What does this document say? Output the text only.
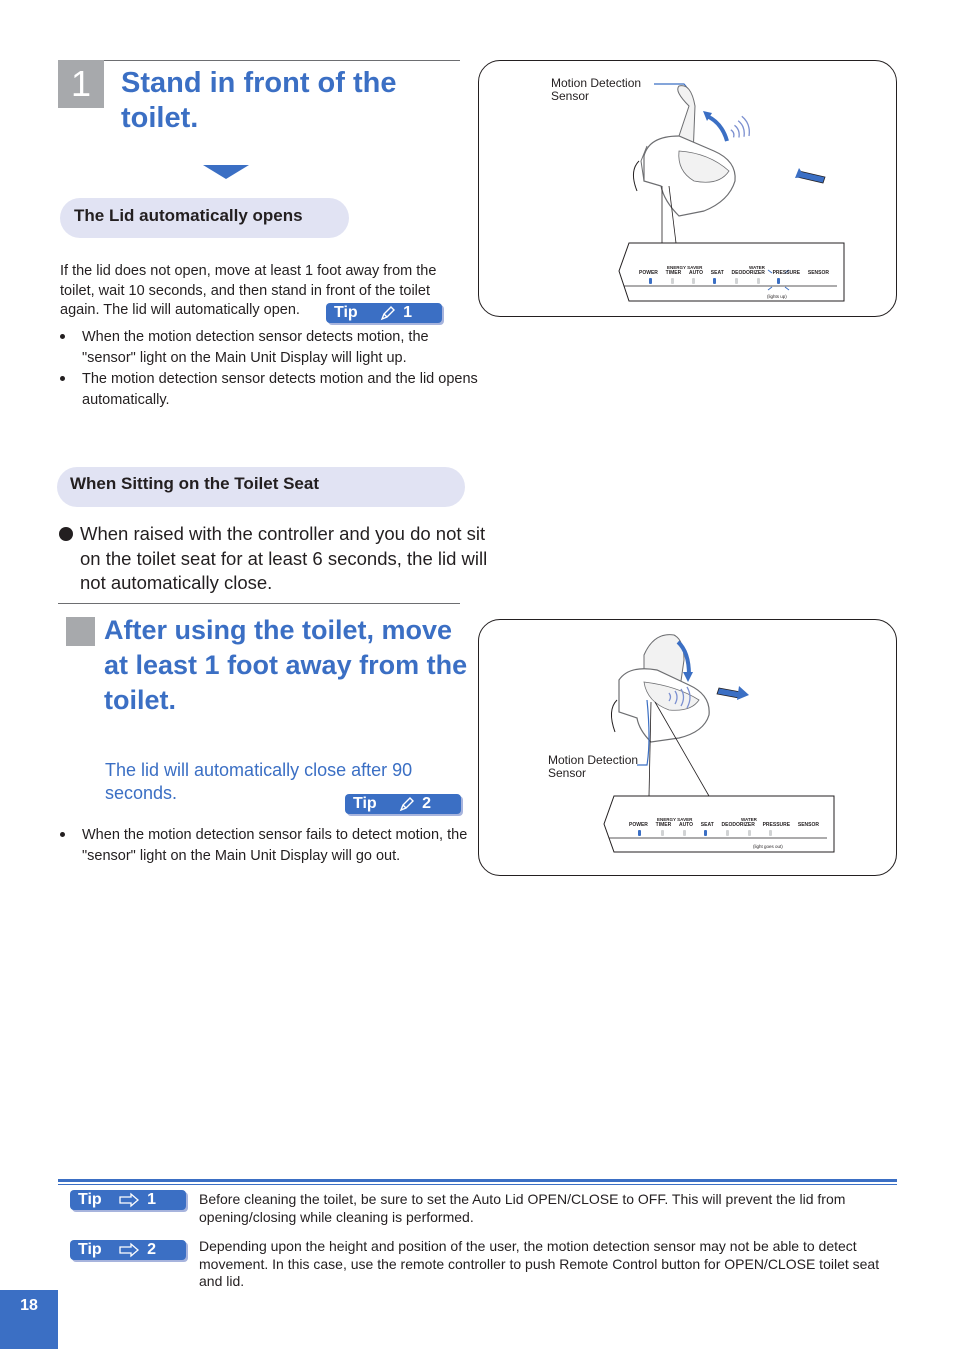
1	Stand in front of the toilet.
The Lid automatically opens
If the lid does not open, move at least 1 foot away from the toilet, wait 10 seconds, and then stand in front of the toilet again. The lid will automatically open.	Tip	1
When the motion detection sensor detects motion, the "sensor" light on the Main Unit Display will light up.
The motion detection sensor detects motion and the lid opens automatically.
When Sitting on the Toilet Seat
When raised with the controller and you do not sit on the toilet seat for at least 6 seconds, the lid will not automatically close.
After using the toilet, move at least 1 foot away from the toilet.
The lid will automatically close after 90 seconds.
Tip	2
When the motion detection sensor fails to detect motion, the "sensor" light on the Main Unit Display will go out.
Motion Detection
Sensor
ENERGY SAVER	WATER
POWER TIMER AUTO SEAT DEODORIZER PRESSURE SENSOR
(lights up)
Motion Detection
Sensor
ENERGY SAVER	WATER
POWER TIMER AUTO SEAT DEODORIZER PRESSURE SENSOR
(light goes out)
Tip	1	Before cleaning the toilet, be sure to set the Auto Lid OPEN/CLOSE to OFF. This will prevent the lid from opening/closing while cleaning is performed.
Tip	2	Depending upon the height and position of the user, the motion detection sensor may not be able to detect movement. In this case, use the remote controller to push Remote Control button for OPEN/CLOSE toilet seat and lid.
18
